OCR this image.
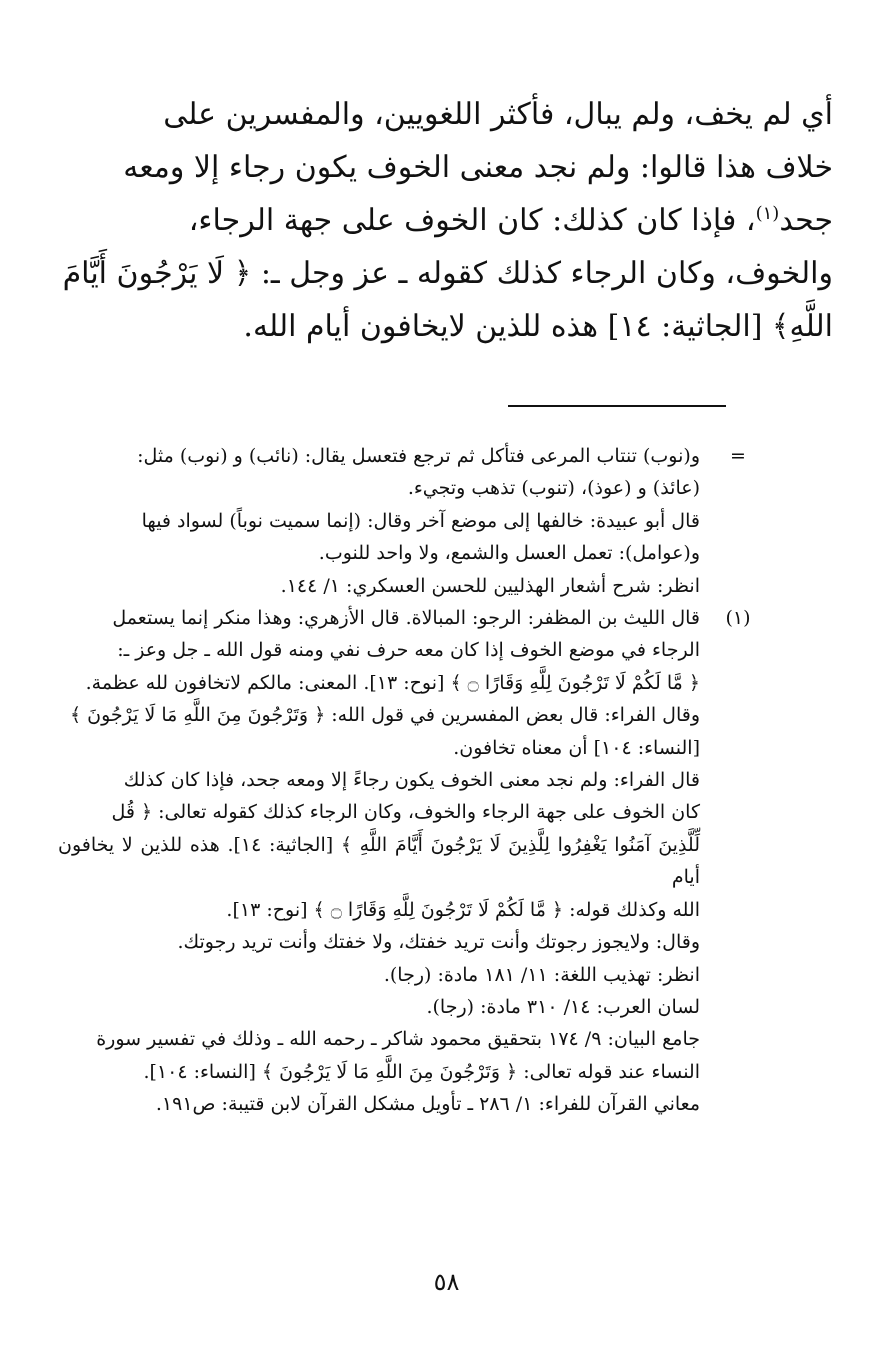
أي لم يخف، ولم يبال، فأكثر اللغويين، والمفسرين على

خلاف هذا قالوا: ولم نجد معنى الخوف يكون رجاء إلا ومعه

جحد$^{(١)}$، فإذا كان كذلك: كان الخوف على جهة الرجاء،

والخوف، وكان الرجاء كذلك كقوله ـ عز وجل ـ: ﴿ لَا يَرْجُونَ أَيَّامَ

اللَّهِ﴾ [الجاثية: ١٤] هذه للذين لايخافون أيام الله.

=
و(نوب) تنتاب المرعى فتأكل ثم ترجع فتعسل يقال: (نائب) و (نوب) مثل:
(عائذ) و (عوذ)، (تنوب) تذهب وتجيء.
قال أبو عبيدة: خالفها إلى موضع آخر وقال: (إنما سميت نوباً) لسواد فيها
و(عوامل): تعمل العسل والشمع، ولا واحد للنوب.
انظر: شرح أشعار الهذليين للحسن العسكري: ١/ ١٤٤.
(١)
قال الليث بن المظفر: الرجو: المبالاة. قال الأزهري: وهذا منكر إنما يستعمل
الرجاء في موضع الخوف إذا كان معه حرف نفي ومنه قول الله ـ جل وعز ـ:
﴿ مَّا لَكُمْ لَا تَرْجُونَ لِلَّهِ وَقَارًا ۝ ﴾ [نوح: ١٣]. المعنى: مالكم لاتخافون لله عظمة.
وقال الفراء: قال بعض المفسرين في قول الله: ﴿ وَتَرْجُونَ مِنَ اللَّهِ مَا لَا يَرْجُونَ ﴾
[النساء: ١٠٤] أن معناه تخافون.
قال الفراء: ولم نجد معنى الخوف يكون رجاءً إلا ومعه جحد، فإذا كان كذلك
كان الخوف على جهة الرجاء والخوف، وكان الرجاء كذلك كقوله تعالى: ﴿ قُل
لِّلَّذِينَ آمَنُوا يَغْفِرُوا لِلَّذِينَ لَا يَرْجُونَ أَيَّامَ اللَّهِ ﴾ [الجاثية: ١٤]. هذه للذين لا يخافون أيام
الله وكذلك قوله: ﴿ مَّا لَكُمْ لَا تَرْجُونَ لِلَّهِ وَقَارًا ۝ ﴾ [نوح: ١٣].
وقال: ولايجوز رجوتك وأنت تريد خفتك، ولا خفتك وأنت تريد رجوتك.
انظر: تهذيب اللغة: ١١/ ١٨١ مادة: (رجا).
لسان العرب: ١٤/ ٣١٠ مادة: (رجا).
جامع البيان: ٩/ ١٧٤ بتحقيق محمود شاكر ـ رحمه الله ـ وذلك في تفسير سورة
النساء عند قوله تعالى: ﴿ وَتَرْجُونَ مِنَ اللَّهِ مَا لَا يَرْجُونَ ﴾ [النساء: ١٠٤].
معاني القرآن للفراء: ١/ ٢٨٦ ـ تأويل مشكل القرآن لابن قتيبة: ص١٩١.
٥٨
